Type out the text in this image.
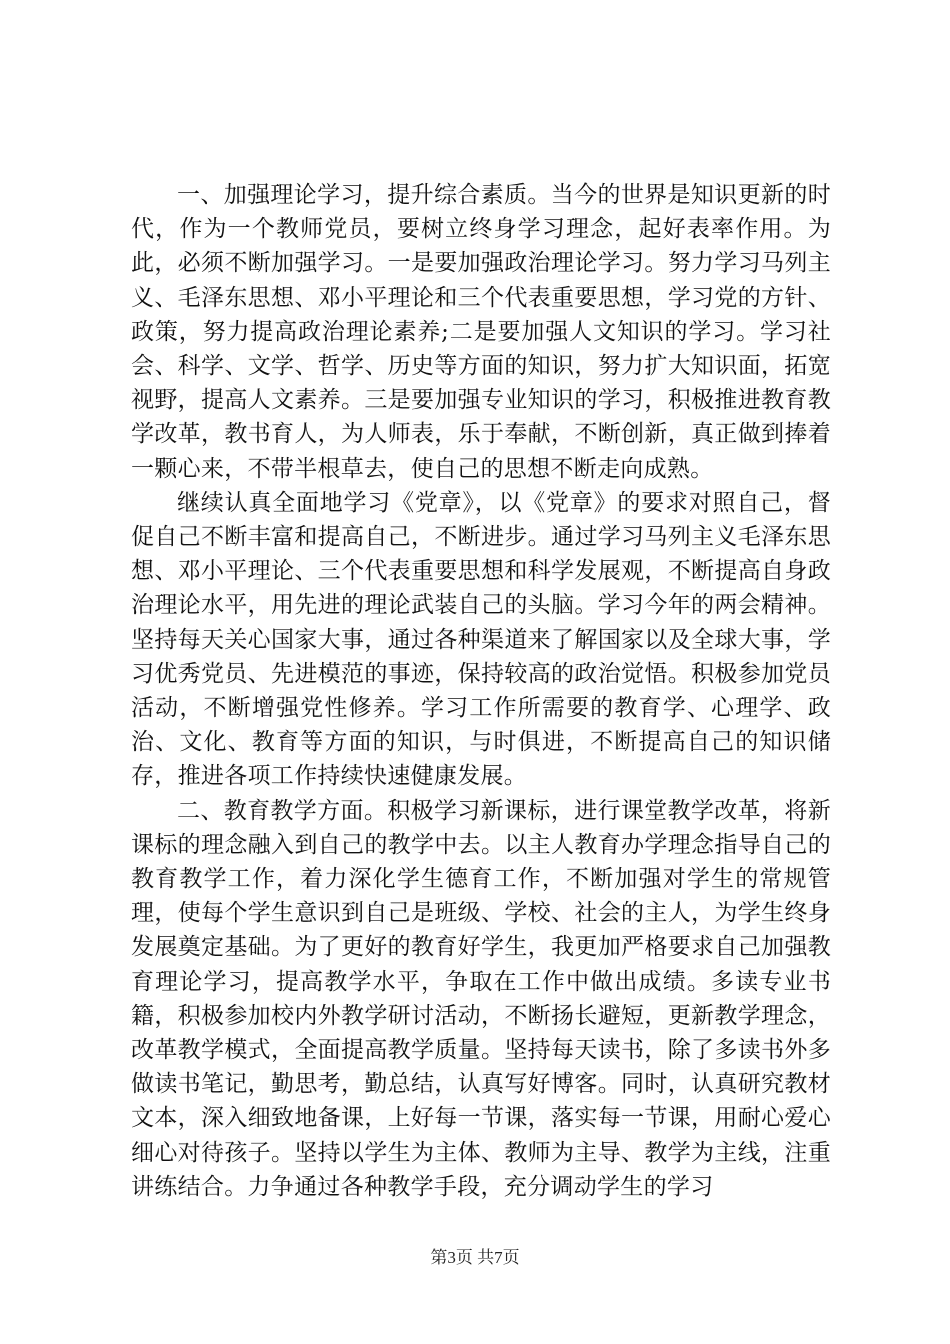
一、加强理论学习，提升综合素质。当今的世界是知识更新的时代，作为一个教师党员，要树立终身学习理念，起好表率作用。为此，必须不断加强学习。一是要加强政治理论学习。努力学习马列主义、毛泽东思想、邓小平理论和三个代表重要思想，学习党的方针、政策，努力提高政治理论素养;二是要加强人文知识的学习。学习社会、科学、文学、哲学、历史等方面的知识，努力扩大知识面，拓宽视野，提高人文素养。三是要加强专业知识的学习，积极推进教育教学改革，教书育人，为人师表，乐于奉献，不断创新，真正做到捧着一颗心来，不带半根草去，使自己的思想不断走向成熟。

继续认真全面地学习《党章》，以《党章》的要求对照自己，督促自己不断丰富和提高自己，不断进步。通过学习马列主义毛泽东思想、邓小平理论、三个代表重要思想和科学发展观，不断提高自身政治理论水平，用先进的理论武装自己的头脑。学习今年的两会精神。坚持每天关心国家大事，通过各种渠道来了解国家以及全球大事，学习优秀党员、先进模范的事迹，保持较高的政治觉悟。积极参加党员活动，不断增强党性修养。学习工作所需要的教育学、心理学、政治、文化、教育等方面的知识，与时俱进，不断提高自己的知识储存，推进各项工作持续快速健康发展。

二、教育教学方面。积极学习新课标，进行课堂教学改革，将新课标的理念融入到自己的教学中去。以主人教育办学理念指导自己的教育教学工作，着力深化学生德育工作，不断加强对学生的常规管理，使每个学生意识到自己是班级、学校、社会的主人，为学生终身发展奠定基础。为了更好的教育好学生，我更加严格要求自己加强教育理论学习，提高教学水平，争取在工作中做出成绩。多读专业书籍，积极参加校内外教学研讨活动，不断扬长避短，更新教学理念，改革教学模式，全面提高教学质量。坚持每天读书，除了多读书外多做读书笔记，勤思考，勤总结，认真写好博客。同时，认真研究教材文本，深入细致地备课，上好每一节课，落实每一节课，用耐心爱心细心对待孩子。坚持以学生为主体、教师为主导、教学为主线，注重讲练结合。力争通过各种教学手段，充分调动学生的学习

第3页 共7页
